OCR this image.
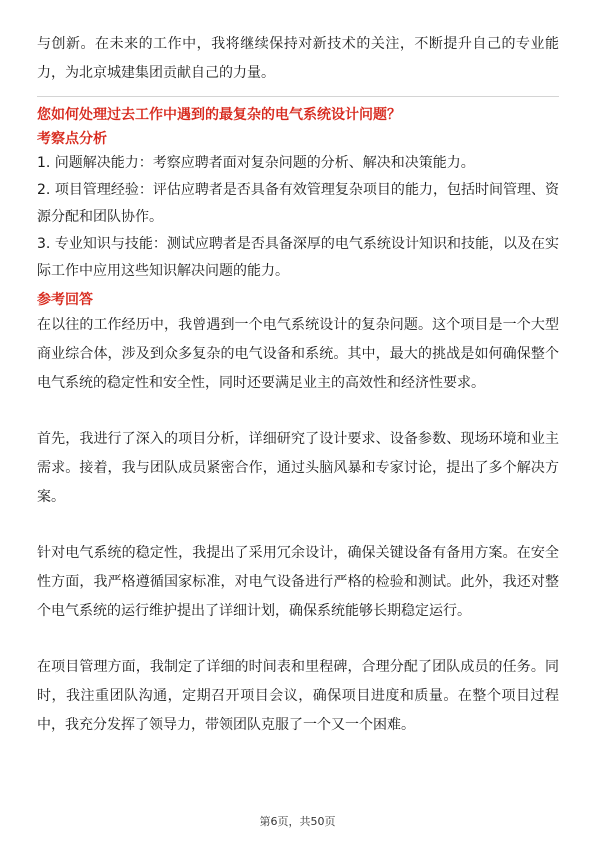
与创新。在未来的工作中，我将继续保持对新技术的关注，不断提升自己的专业能力，为北京城建集团贡献自己的力量。

您如何处理过去工作中遇到的最复杂的电气系统设计问题？
考察点分析

1. 问题解决能力：考察应聘者面对复杂问题的分析、解决和决策能力。

2. 项目管理经验：评估应聘者是否具备有效管理复杂项目的能力，包括时间管理、资源分配和团队协作。

3. 专业知识与技能：测试应聘者是否具备深厚的电气系统设计知识和技能，以及在实际工作中应用这些知识解决问题的能力。

参考回答

在以往的工作经历中，我曾遇到一个电气系统设计的复杂问题。这个项目是一个大型商业综合体，涉及到众多复杂的电气设备和系统。其中，最大的挑战是如何确保整个电气系统的稳定性和安全性，同时还要满足业主的高效性和经济性要求。

首先，我进行了深入的项目分析，详细研究了设计要求、设备参数、现场环境和业主需求。接着，我与团队成员紧密合作，通过头脑风暴和专家讨论，提出了多个解决方案。

针对电气系统的稳定性，我提出了采用冗余设计，确保关键设备有备用方案。在安全性方面，我严格遵循国家标准，对电气设备进行严格的检验和测试。此外，我还对整个电气系统的运行维护提出了详细计划，确保系统能够长期稳定运行。

在项目管理方面，我制定了详细的时间表和里程碑，合理分配了团队成员的任务。同时，我注重团队沟通，定期召开项目会议，确保项目进度和质量。在整个项目过程中，我充分发挥了领导力，带领团队克服了一个又一个困难。

第6页，共50页
